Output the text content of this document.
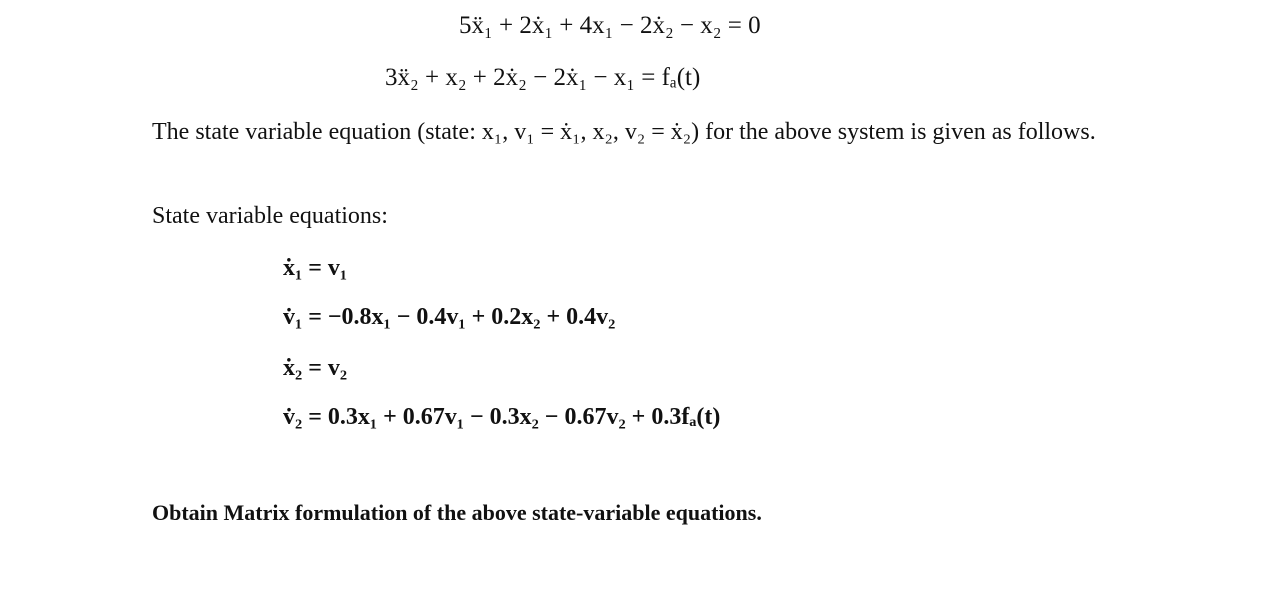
5ẍ₁ + 2ẋ₁ + 4x₁ − 2ẋ₂ − x₂ = 0
3ẍ₂ + x₂ + 2ẋ₂ − 2ẋ₁ − x₁ = fₐ(t)
The state variable equation (state: x₁, v₁ = ẋ₁, x₂, v₂ = ẋ₂) for the above system is given as follows.
State variable equations:
ẋ₁ = v₁
v̇₁ = −0.8x₁ − 0.4v₁ + 0.2x₂ + 0.4v₂
ẋ₂ = v₂
v̇₂ = 0.3x₁ + 0.67v₁ − 0.3x₂ − 0.67v₂ + 0.3fₐ(t)
Obtain Matrix formulation of the above state-variable equations.
